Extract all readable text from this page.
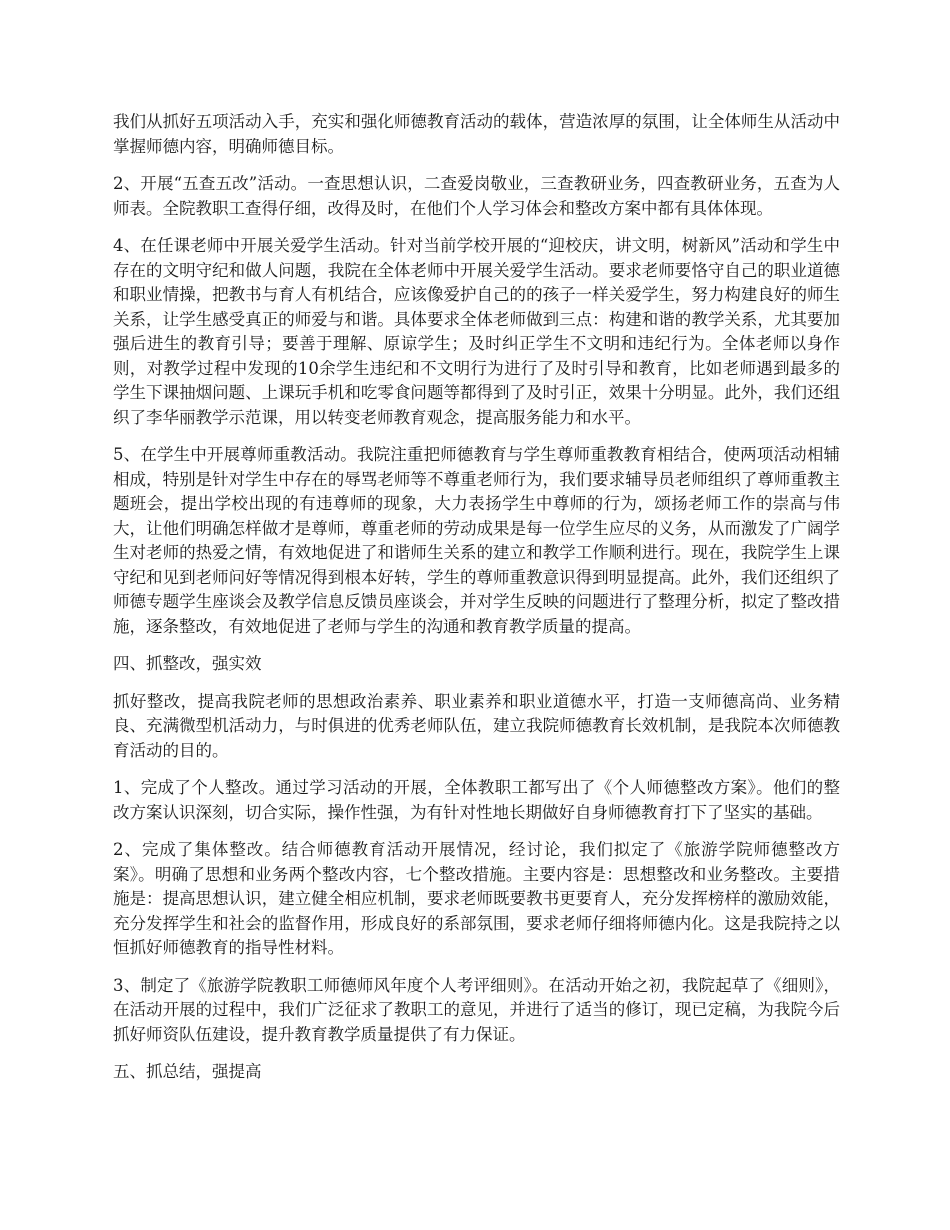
我们从抓好五项活动入手，充实和强化师德教育活动的载体，营造浓厚的氛围，让全体师生从活动中掌握师德内容，明确师德目标。

2、开展“五查五改”活动。一查思想认识，二查爱岗敬业，三查教研业务，四查教研业务，五查为人师表。全院教职工查得仔细，改得及时，在他们个人学习体会和整改方案中都有具体体现。

4、在任课老师中开展关爱学生活动。针对当前学校开展的“迎校庆，讲文明，树新风”活动和学生中存在的文明守纪和做人问题，我院在全体老师中开展关爱学生活动。要求老师要恪守自己的职业道德和职业情操，把教书与育人有机结合，应该像爱护自己的的孩子一样关爱学生，努力构建良好的师生关系，让学生感受真正的师爱与和谐。具体要求全体老师做到三点：构建和谐的教学关系，尤其要加强后进生的教育引导；要善于理解、原谅学生；及时纠正学生不文明和违纪行为。全体老师以身作则，对教学过程中发现的10余学生违纪和不文明行为进行了及时引导和教育，比如老师遇到最多的学生下课抽烟问题、上课玩手机和吃零食问题等都得到了及时引正，效果十分明显。此外，我们还组织了李华丽教学示范课，用以转变老师教育观念，提高服务能力和水平。

5、在学生中开展尊师重教活动。我院注重把师德教育与学生尊师重教教育相结合，使两项活动相辅相成，特别是针对学生中存在的辱骂老师等不尊重老师行为，我们要求辅导员老师组织了尊师重教主题班会，提出学校出现的有违尊师的现象，大力表扬学生中尊师的行为，颂扬老师工作的崇高与伟大，让他们明确怎样做才是尊师，尊重老师的劳动成果是每一位学生应尽的义务，从而激发了广阔学生对老师的热爱之情，有效地促进了和谐师生关系的建立和教学工作顺利进行。现在，我院学生上课守纪和见到老师问好等情况得到根本好转，学生的尊师重教意识得到明显提高。此外，我们还组织了师德专题学生座谈会及教学信息反馈员座谈会，并对学生反映的问题进行了整理分析，拟定了整改措施，逐条整改，有效地促进了老师与学生的沟通和教育教学质量的提高。

四、抓整改，强实效

抓好整改，提高我院老师的思想政治素养、职业素养和职业道德水平，打造一支师德高尚、业务精良、充满微型机活动力，与时俱进的优秀老师队伍，建立我院师德教育长效机制，是我院本次师德教育活动的目的。

1、完成了个人整改。通过学习活动的开展，全体教职工都写出了《个人师德整改方案》。他们的整改方案认识深刻，切合实际，操作性强，为有针对性地长期做好自身师德教育打下了坚实的基础。

2、完成了集体整改。结合师德教育活动开展情况，经讨论，我们拟定了《旅游学院师德整改方案》。明确了思想和业务两个整改内容，七个整改措施。主要内容是：思想整改和业务整改。主要措施是：提高思想认识，建立健全相应机制，要求老师既要教书更要育人，充分发挥榜样的激励效能，充分发挥学生和社会的监督作用，形成良好的系部氛围，要求老师仔细将师德内化。这是我院持之以恒抓好师德教育的指导性材料。

3、制定了《旅游学院教职工师德师风年度个人考评细则》。在活动开始之初，我院起草了《细则》，在活动开展的过程中，我们广泛征求了教职工的意见，并进行了适当的修订，现已定稿，为我院今后抓好师资队伍建设，提升教育教学质量提供了有力保证。

五、抓总结，强提高
